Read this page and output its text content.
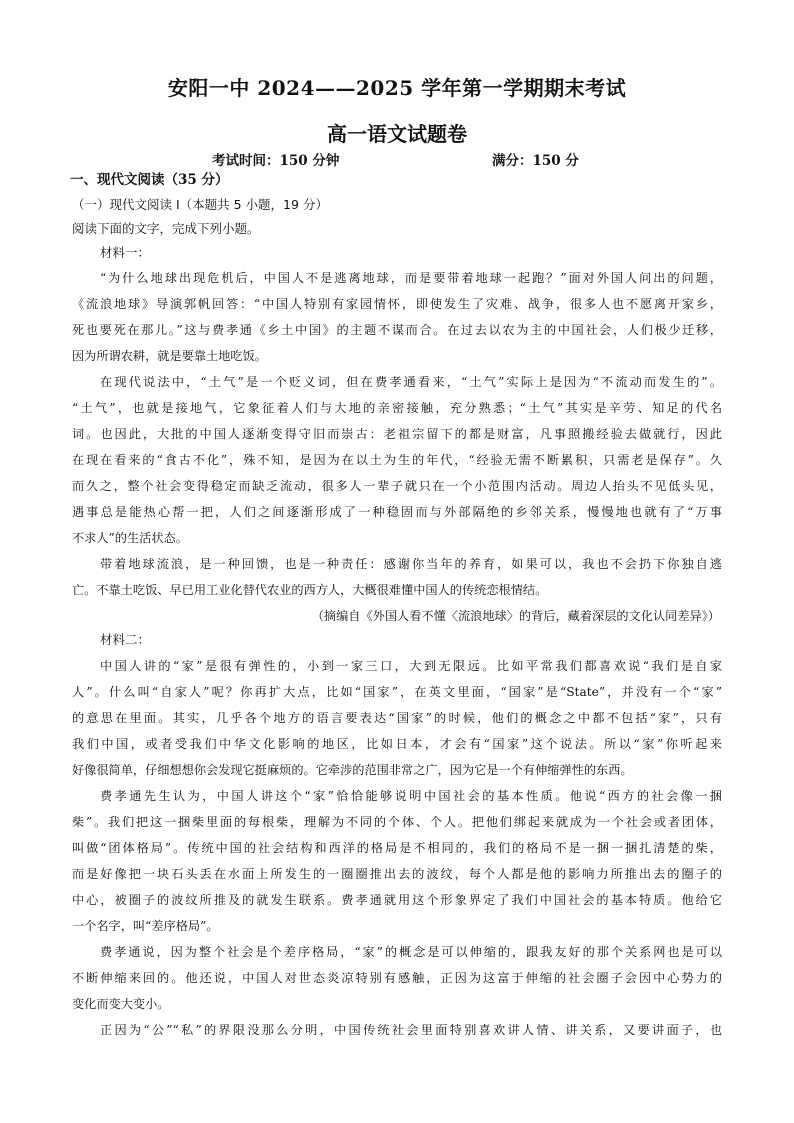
安阳一中 2024——2025 学年第一学期期末考试
高一语文试题卷
考试时间：150 分钟	满分：150 分
一、现代文阅读（35 分）
（一）现代文阅读 I（本题共 5 小题，19 分）
阅读下面的文字，完成下列小题。
材料一：
“为什么地球出现危机后，中国人不是逃离地球，而是要带着地球一起跑？”面对外国人问出的问题，
《流浪地球》导演郭帆回答：“中国人特别有家园情怀，即使发生了灾难、战争，很多人也不愿离开家乡，
死也要死在那儿。”这与费孝通《乡土中国》的主题不谋而合。在过去以农为主的中国社会，人们极少迁移，
因为所谓农耕，就是要靠土地吃饭。
在现代说法中，“土气”是一个贬义词，但在费孝通看来，“土气”实际上是因为“不流动而发生的”。
“土气”，也就是接地气，它象征着人们与大地的亲密接触，充分熟悉；“土气”其实是辛劳、知足的代名
词。也因此，大批的中国人逐渐变得守旧而崇古：老祖宗留下的都是财富，凡事照搬经验去做就行，因此
在现在看来的“食古不化”，殊不知，是因为在以土为生的年代，“经验无需不断累积，只需老是保存”。久
而久之，整个社会变得稳定而缺乏流动，很多人一辈子就只在一个小范围内活动。周边人抬头不见低头见，
遇事总是能热心帮一把，人们之间逐渐形成了一种稳固而与外部隔绝的乡邻关系，慢慢地也就有了“万事
不求人”的生活状态。
带着地球流浪，是一种回馈，也是一种责任：感谢你当年的养育，如果可以，我也不会扔下你独自逃
亡。不靠土吃饭、早已用工业化替代农业的西方人，大概很难懂中国人的传统恋根情结。
（摘编自《外国人看不懂〈流浪地球〉的背后，藏着深层的文化认同差异》）
材料二：
中国人讲的“家”是很有弹性的，小到一家三口，大到无限远。比如平常我们都喜欢说“我们是自家
人”。什么叫“自家人”呢？你再扩大点，比如“国家”，在英文里面，“国家”是“State”，并没有一个“家”
的意思在里面。其实，几乎各个地方的语言要表达“国家”的时候，他们的概念之中都不包括“家”，只有
我们中国，或者受我们中华文化影响的地区，比如日本，才会有“国家”这个说法。所以“家”你听起来
好像很简单，仔细想想你会发现它挺麻烦的。它牵涉的范围非常之广，因为它是一个有伸缩弹性的东西。
费孝通先生认为，中国人讲这个“家”恰恰能够说明中国社会的基本性质。他说“西方的社会像一捆
柴”。我们把这一捆柴里面的每根柴，理解为不同的个体、个人。把他们绑起来就成为一个社会或者团体，
叫做“团体格局”。传统中国的社会结构和西洋的格局是不相同的，我们的格局不是一捆一捆扎清楚的柴，
而是好像把一块石头丢在水面上所发生的一圈圈推出去的波纹，每个人都是他的影响力所推出去的圈子的
中心，被圈子的波纹所推及的就发生联系。费孝通就用这个形象界定了我们中国社会的基本特质。他给它
一个名字，叫“差序格局”。
费孝通说，因为整个社会是个差序格局，“家”的概念是可以伸缩的，跟我友好的那个关系网也是可以
不断伸缩来回的。他还说，中国人对世态炎凉特别有感触，正因为这富于伸缩的社会圈子会因中心势力的
变化而变大变小。
正因为“公”“私”的界限没那么分明，中国传统社会里面特别喜欢讲人情、讲关系，又要讲面子，也
